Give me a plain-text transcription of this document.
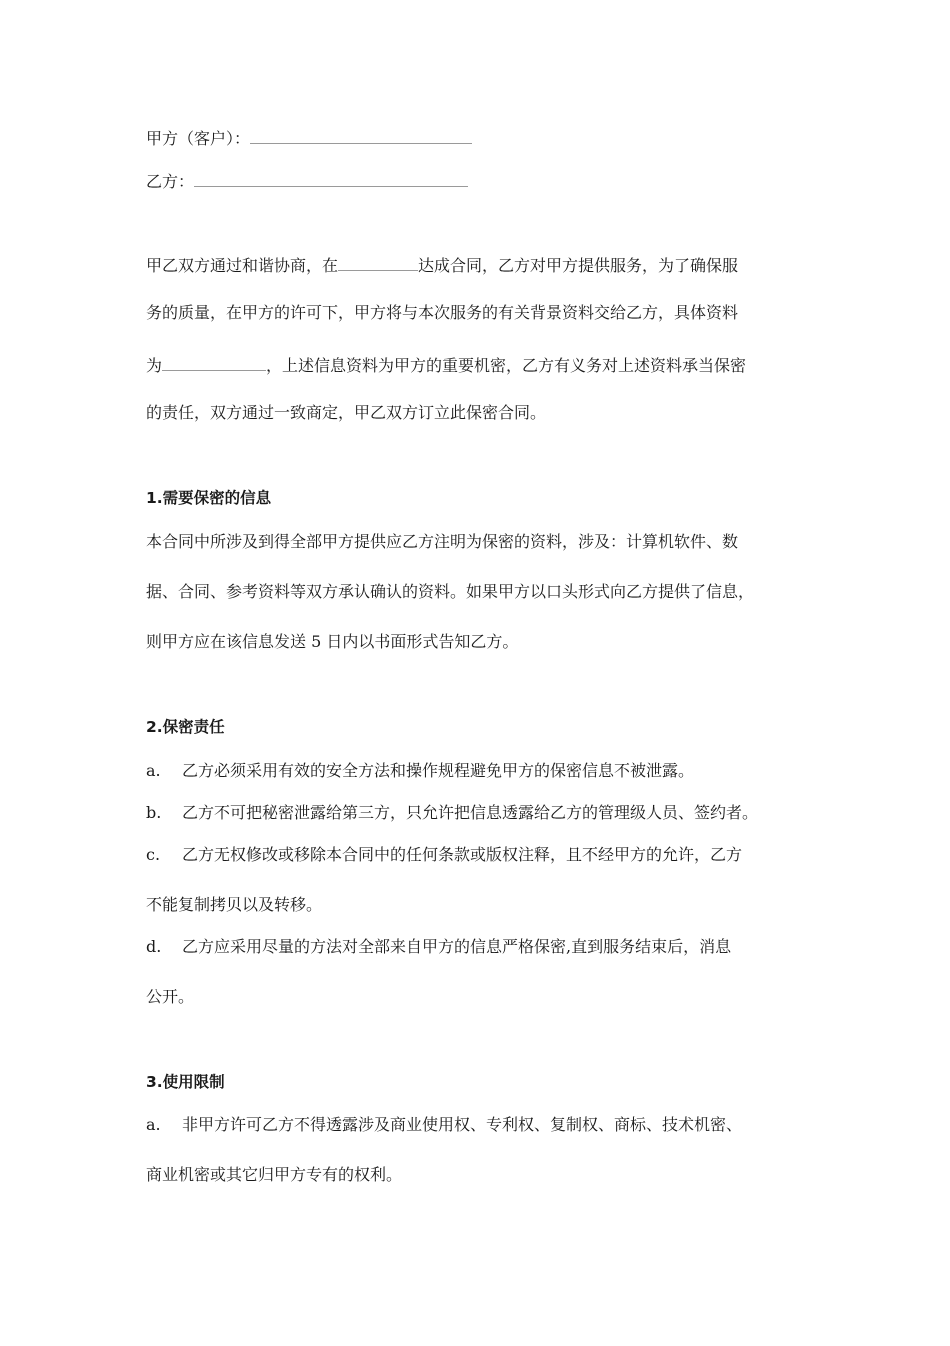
甲方（客户）：
乙方：
甲乙双方通过和谐协商，在	达成合同，乙方对甲方提供服务，为了确保服
务的质量，在甲方的许可下，甲方将与本次服务的有关背景资料交给乙方，具体资料
为	，上述信息资料为甲方的重要机密，乙方有义务对上述资料承当保密
的责任，双方通过一致商定，甲乙双方订立此保密合同。
1.需要保密的信息
本合同中所涉及到得全部甲方提供应乙方注明为保密的资料，涉及：计算机软件、数
据、合同、参考资料等双方承认确认的资料。如果甲方以口头形式向乙方提供了信息，
则甲方应在该信息发送 5 日内以书面形式告知乙方。
2.保密责任
a. 乙方必须采用有效的安全方法和操作规程避免甲方的保密信息不被泄露。
b. 乙方不可把秘密泄露给第三方，只允许把信息透露给乙方的管理级人员、签约者。
c. 乙方无权修改或移除本合同中的任何条款或版权注释，且不经甲方的允许，乙方
不能复制拷贝以及转移。
d. 乙方应采用尽量的方法对全部来自甲方的信息严格保密,直到服务结束后，消息
公开。
3.使用限制
a. 非甲方许可乙方不得透露涉及商业使用权、专利权、复制权、商标、技术机密、
商业机密或其它归甲方专有的权利。
